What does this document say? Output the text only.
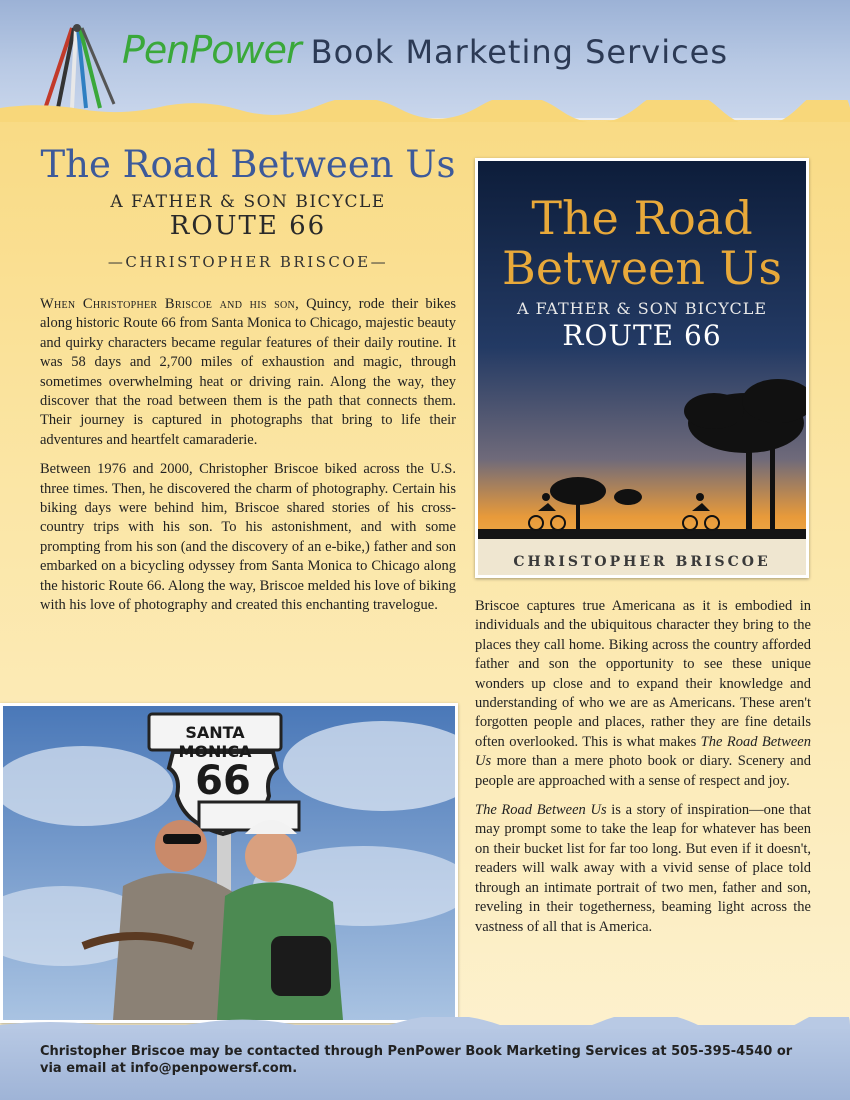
PenPower Book Marketing Services
The Road Between Us
A FATHER & SON BICYCLE
ROUTE 66
—CHRISTOPHER BRISCOE—

When Christopher Briscoe and his son, Quincy, rode their bikes along historic Route 66 from Santa Monica to Chicago, majestic beauty and quirky characters became regular features of their daily routine. It was 58 days and 2,700 miles of exhaustion and magic, through sometimes overwhelming heat or driving rain. Along the way, they discover that the road between them is the path that connects them. Their journey is captured in photographs that bring to life their adventures and heartfelt camaraderie.

Between 1976 and 2000, Christopher Briscoe biked across the U.S. three times. Then, he discovered the charm of photography. Certain his biking days were behind him, Briscoe shared stories of his cross-country trips with his son. To his astonishment, and with some prompting from his son (and the discovery of an e-bike,) father and son embarked on a bicycling odyssey from Santa Monica to Chicago along the historic Route 66. Along the way, Briscoe melded his love of biking with his love of photography and created this enchanting travelogue.

The Road
Between Us
A FATHER & SON BICYCLE
ROUTE 66
CHRISTOPHER BRISCOE
SANTA MONICA
66

Briscoe captures true Americana as it is embodied in individuals and the ubiquitous character they bring to the places they call home. Biking across the country afforded father and son the opportunity to see these unique wonders up close and to expand their knowledge and understanding of who we are as Americans. These aren't forgotten people and places, rather they are fine details often overlooked. This is what makes The Road Between Us more than a mere photo book or diary. Scenery and people are approached with a sense of respect and joy.

The Road Between Us is a story of inspiration—one that may prompt some to take the leap for whatever has been on their bucket list for far too long. But even if it doesn't, readers will walk away with a vivid sense of place told through an intimate portrait of two men, father and son, reveling in their togetherness, beaming light across the vastness of all that is America.

Christopher Briscoe may be contacted through PenPower Book Marketing Services at 505-395-4540 or via email at info@penpowersf.com.
